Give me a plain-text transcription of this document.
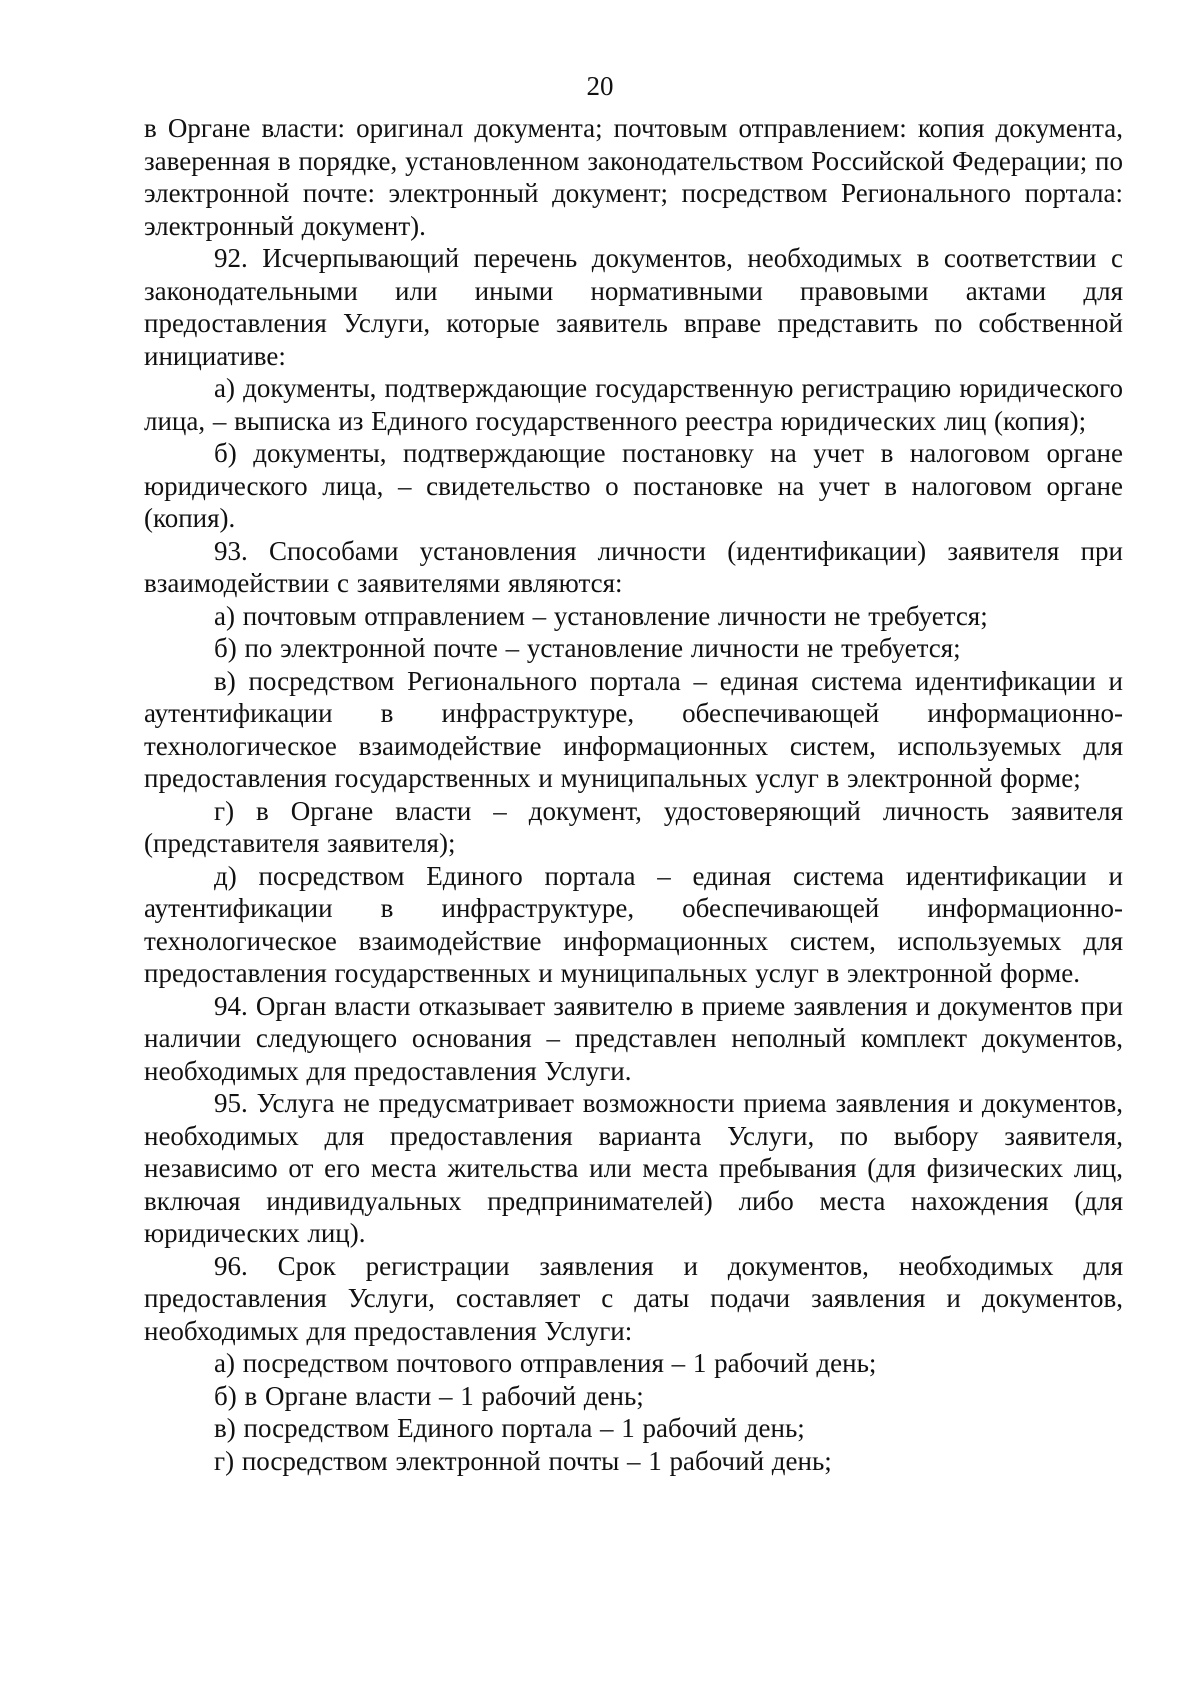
20

в Органе власти: оригинал документа; почтовым отправлением: копия документа, заверенная в порядке, установленном законодательством Российской Федерации; по электронной почте: электронный документ; посредством Регионального портала: электронный документ).

92. Исчерпывающий перечень документов, необходимых в соответствии с законодательными или иными нормативными правовыми актами для предоставления Услуги, которые заявитель вправе представить по собственной инициативе:

а) документы, подтверждающие государственную регистрацию юридического лица, – выписка из Единого государственного реестра юридических лиц (копия);

б) документы, подтверждающие постановку на учет в налоговом органе юридического лица, – свидетельство о постановке на учет в налоговом органе (копия).

93. Способами установления личности (идентификации) заявителя при взаимодействии с заявителями являются:

а) почтовым отправлением – установление личности не требуется;

б) по электронной почте – установление личности не требуется;

в) посредством Регионального портала – единая система идентификации и аутентификации в инфраструктуре, обеспечивающей информационно-технологическое взаимодействие информационных систем, используемых для предоставления государственных и муниципальных услуг в электронной форме;

г) в Органе власти – документ, удостоверяющий личность заявителя (представителя заявителя);

д) посредством Единого портала – единая система идентификации и аутентификации в инфраструктуре, обеспечивающей информационно-технологическое взаимодействие информационных систем, используемых для предоставления государственных и муниципальных услуг в электронной форме.

94. Орган власти отказывает заявителю в приеме заявления и документов при наличии следующего основания – представлен неполный комплект документов, необходимых для предоставления Услуги.

95. Услуга не предусматривает возможности приема заявления и документов, необходимых для предоставления варианта Услуги, по выбору заявителя, независимо от его места жительства или места пребывания (для физических лиц, включая индивидуальных предпринимателей) либо места нахождения (для юридических лиц).

96. Срок регистрации заявления и документов, необходимых для предоставления Услуги, составляет с даты подачи заявления и документов, необходимых для предоставления Услуги:

а) посредством почтового отправления – 1 рабочий день;

б) в Органе власти – 1 рабочий день;

в) посредством Единого портала – 1 рабочий день;

г) посредством электронной почты – 1 рабочий день;
